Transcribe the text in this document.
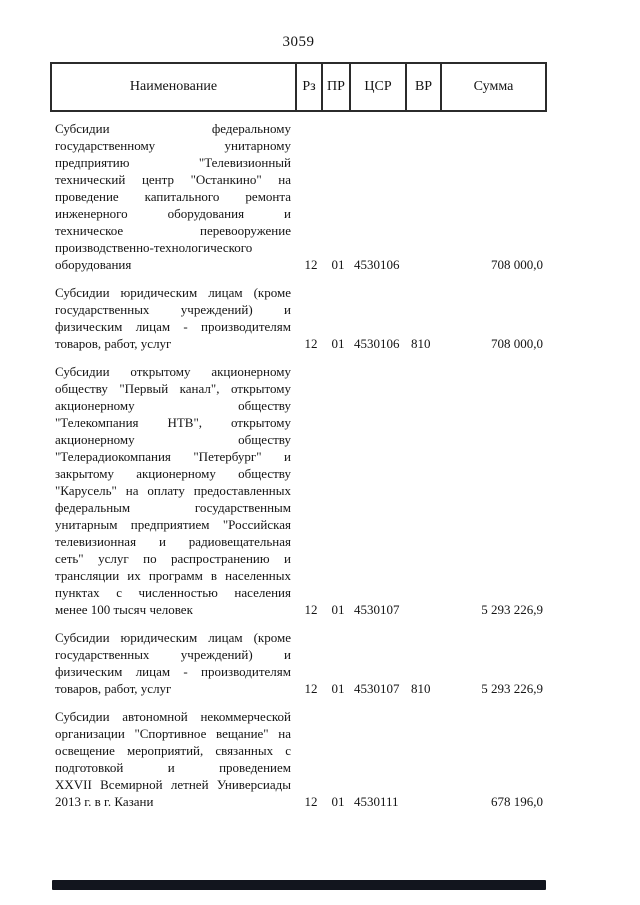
3059
Наименование	Рз ПР	ЦСР	ВР	Сумма
Субсидии федеральному
государственному унитарному
предприятию "Телевизионный
технический центр "Останкино" на
проведение капитального ремонта
инженерного оборудования и
техническое перевооружение
производственно-технологического
оборудования	12	01 4530106	708 000,0
Субсидии юридическим лицам (кроме
государственных учреждений) и
физическим лицам - производителям
товаров, работ, услуг	12	01 4530106 810	708 000,0
Субсидии открытому акционерному
обществу "Первый канал", открытому
акционерному обществу
"Телекомпания НТВ", открытому
акционерному обществу
"Телерадиокомпания "Петербург" и
закрытому акционерному обществу
"Карусель" на оплату предоставленных
федеральным государственным
унитарным предприятием "Российская
телевизионная и радиовещательная
сеть" услуг по распространению и
трансляции их программ в населенных
пунктах с численностью населения
менее 100 тысяч человек	12	01 4530107	5 293 226,9
Субсидии юридическим лицам (кроме
государственных учреждений) и
физическим лицам - производителям
товаров, работ, услуг	12	01 4530107 810	5 293 226,9
Субсидии автономной некоммерческой
организации "Спортивное вещание" на
освещение мероприятий, связанных с
подготовкой и проведением
XXVII Всемирной летней Универсиады
2013 г. в г. Казани	12	01 4530111	678 196,0
